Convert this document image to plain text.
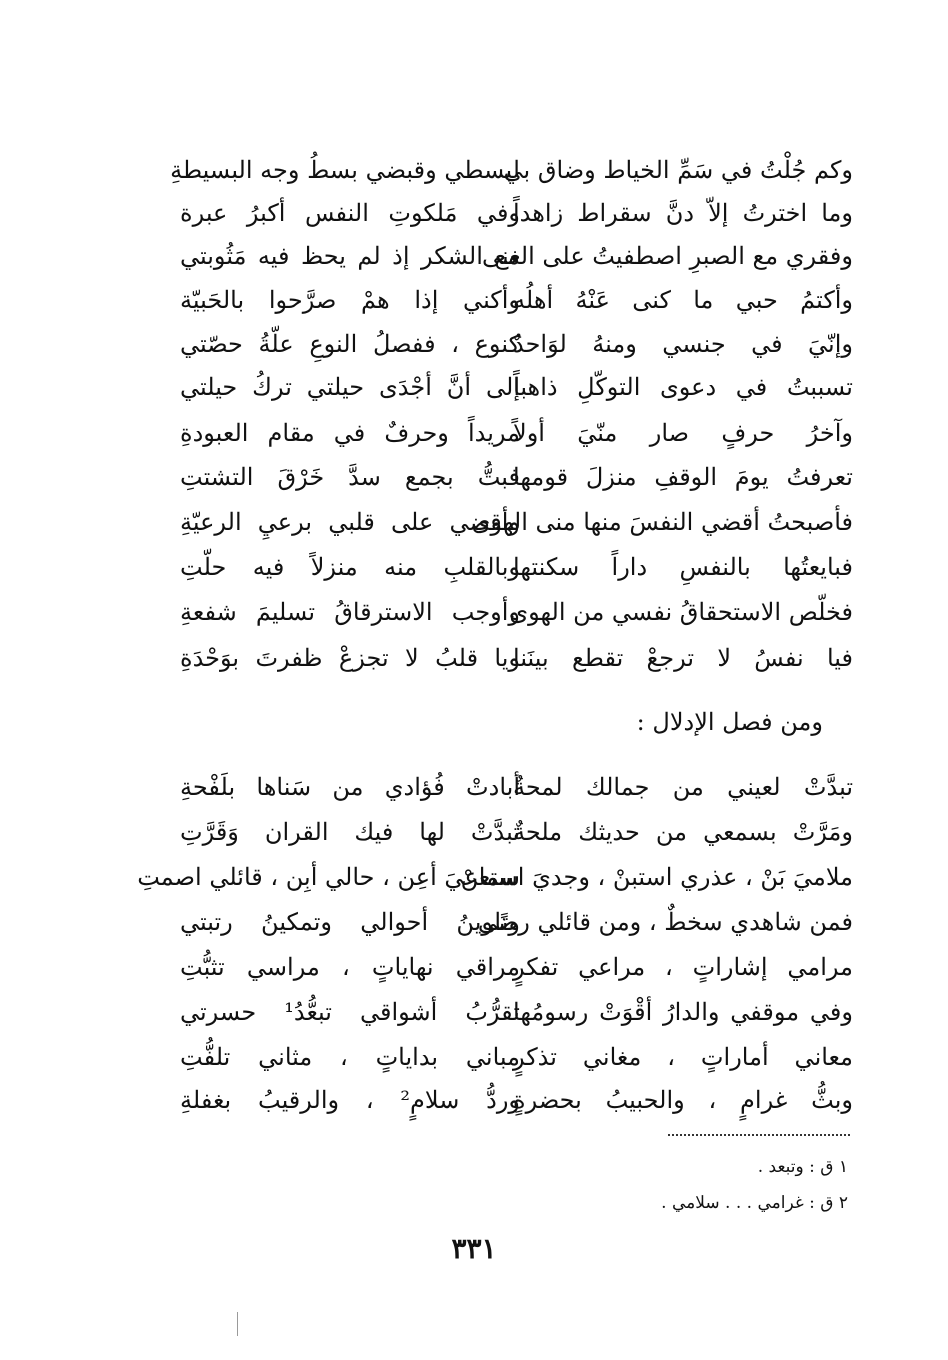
وكم جُلْتُ في سَمِّ الخياط وضاق بي
لبسطي وقبضي بسطُ وجه البسيطةِ
وما اخترتُ إلاّ دنَّ سقراط زاهداً
وفي مَلكوتِ النفس أكبرُ عبرة
وفقري مع الصبرِ اصطفيتُ على الغنى
مع الشكر إذ لم يحظ فيه مَثُوبتي
وأكتمُ حبي ما كنى عَنْهُ أهلُه
وأكني إذا همْ صرَّحوا بالحَبيّة
وإنّيَ في جنسي ومنهُ لوَاحدٌ
كنوع ، ففصلُ النوعِ علّةُ حصّتي
تسببتُ في دعوى التوكّلِ ذاهباً
إلى أنَّ أجْدَى حيلتي تركُ حيلتي
وآخرُ حرفٍ صار منّيَ أولاً
مريداً وحرفٌ في مقام العبودةِ
تعرفتُ يومَ الوقفِ منزلَ قومها
فبتُّ بجمع سدَّ خَرْقَ التشتتِ
فأصبحتُ أقضي النفسَ منها منى الهوى
وأقضي على قلبي برعيِ الرعيّةِ
فبايعتُها بالنفسِ داراً سكنتها
وبالقلبِ منه منزلاً فيه حلّتِ
فخلّص الاستحقاقُ نفسي من الهوى
وأوجب الاسترقاقُ تسليمَ شفعةِ
فيا نفسُ لا ترجعْ تقطع بينَنا
ويا قلبُ لا تجزعْ ظفرتَ بوَحْدَةِ
ومن فصل الإدلال :
تبدَّتْ لعيني من جمالك لمحةٌ
أبادتْ فُؤادي من سَناها بلَفْحةِ
ومَرَّتْ بسمعي من حديثك ملحةٌ
تبدَّتْ لها فيك القران وَقَرَّتِ
ملاميَ بَنْ ، عذري استبنْ ، وجديَ استعنْ
سماعيَ أعِن ، حالي أبِن ، قائلي اصمتِ
فمن شاهدي سخطٌ ، ومن قائلي رضًى
وتلوينُ أحوالي وتمكينُ رتبتي
مرامي إشاراتٍ ، مراعي تفكرٍ
مراقي نهاياتٍ ، مراسي تثبُّتِ
وفي موقفي والدارُ أقْوَتْ رسومُها
تقرُّبُ أشواقي تبعُّدُ¹ حسرتي
معاني أماراتٍ ، مغاني تذكرٍ
مباني بداياتٍ ، مثاني تلفُّتِ
وبثُّ غرامٍ ، والحبيبُ بحضرةٍ
وردُّ سلامٍ² ، والرقيبُ بغفلةِ
١ ق : وتبعد .
٢ ق : غرامي . . . سلامي .
٣٣١
